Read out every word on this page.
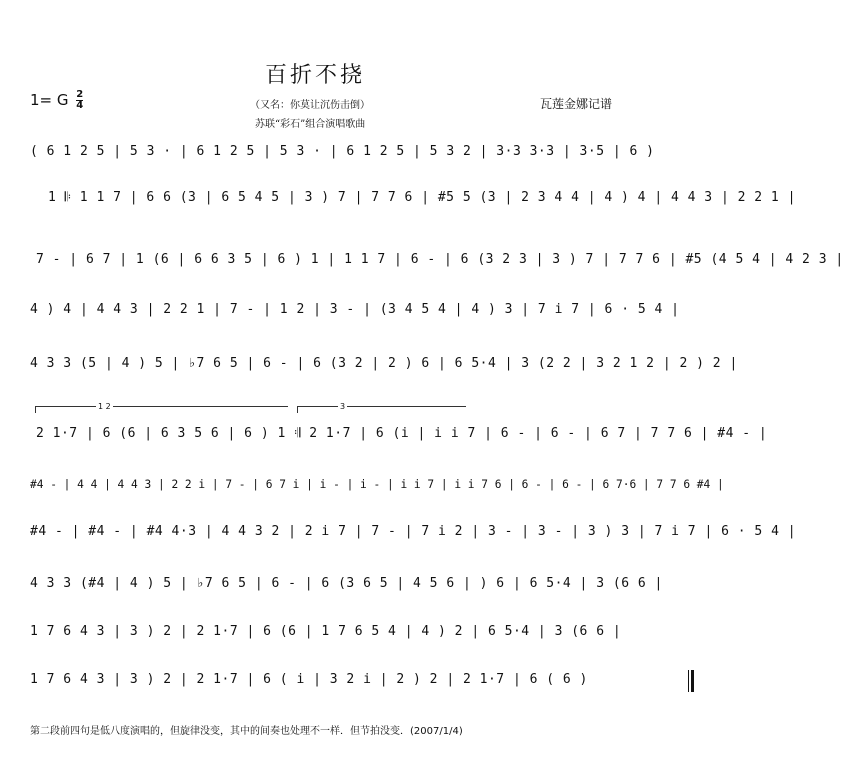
百折不挠
1= G $\frac{2}{4}$	（又名：你莫让沉伤击倒）
苏联“彩石”组合演唱歌曲
瓦莲金娜记谱
( 6 1 2 5 | 5 3 · | 6 1 2 5 | 5 3 · | 6 1 2 5 | 5 3 2 | 3·3 3·3 | 3·5 | 6 )
1 𝄆 1 1 7 | 6 6 (3 | 6 5 4 5 | 3 ) 7 | 7 7 6 | #5 5 (3 | 2 3 4 4 | 4 ) 4 | 4 4 3 | 2 2 1 |
7 - | 6 7 | 1 (6 | 6 6 3 5 | 6 ) 1 | 1 1 7 | 6 - | 6 (3 2 3 | 3 ) 7 | 7 7 6 | #5 (4 5 4 | 4 2 3 |
4 ) 4 | 4 4 3 | 2 2 1 | 7 - | 1 2 | 3 - | (3 4 5 4 | 4 ) 3 | 7 i 7 | 6 · 5 4 |
4 3 3 (5 | 4 ) 5 | ♭7 6 5 | 6 - | 6 (3 2 | 2 ) 6 | 6 5·4 | 3 (2 2 | 3 2 1 2 | 2 ) 2 |
1 2	3
2 1·7 | 6 (6 | 6 3 5 6 | 6 ) 1 𝄇 2 1·7 | 6 (i | i i 7 | 6 - | 6 - | 6 7 | 7 7 6 | #4 - |
#4 - | 4 4 | 4 4 3 | 2 2 i | 7 - | 6 7 i | i - | i - | i i 7 | i i 7 6 | 6 - | 6 - | 6 7·6 | 7 7 6 #4 |
#4 - | #4 - | #4 4·3 | 4 4 3 2 | 2 i 7 | 7 - | 7 i 2 | 3 - | 3 - | 3 ) 3 | 7 i 7 | 6 · 5 4 |
4 3 3 (#4 | 4 ) 5 | ♭7 6 5 | 6 - | 6 (3 6 5 | 4 5 6 | ) 6 | 6 5·4 | 3 (6 6 |
1 7 6 4 3 | 3 ) 2 | 2 1·7 | 6 (6 | 1 7 6 5 4 | 4 ) 2 | 6 5·4 | 3 (6 6 |
1 7 6 4 3 | 3 ) 2 | 2 1·7 | 6 ( i | 3 2 i | 2 ) 2 | 2 1·7 | 6 ( 6 )
第二段前四句是低八度演唱的，但旋律没变，其中的间奏也处理不一样．但节拍没变．(2007/1/4)
